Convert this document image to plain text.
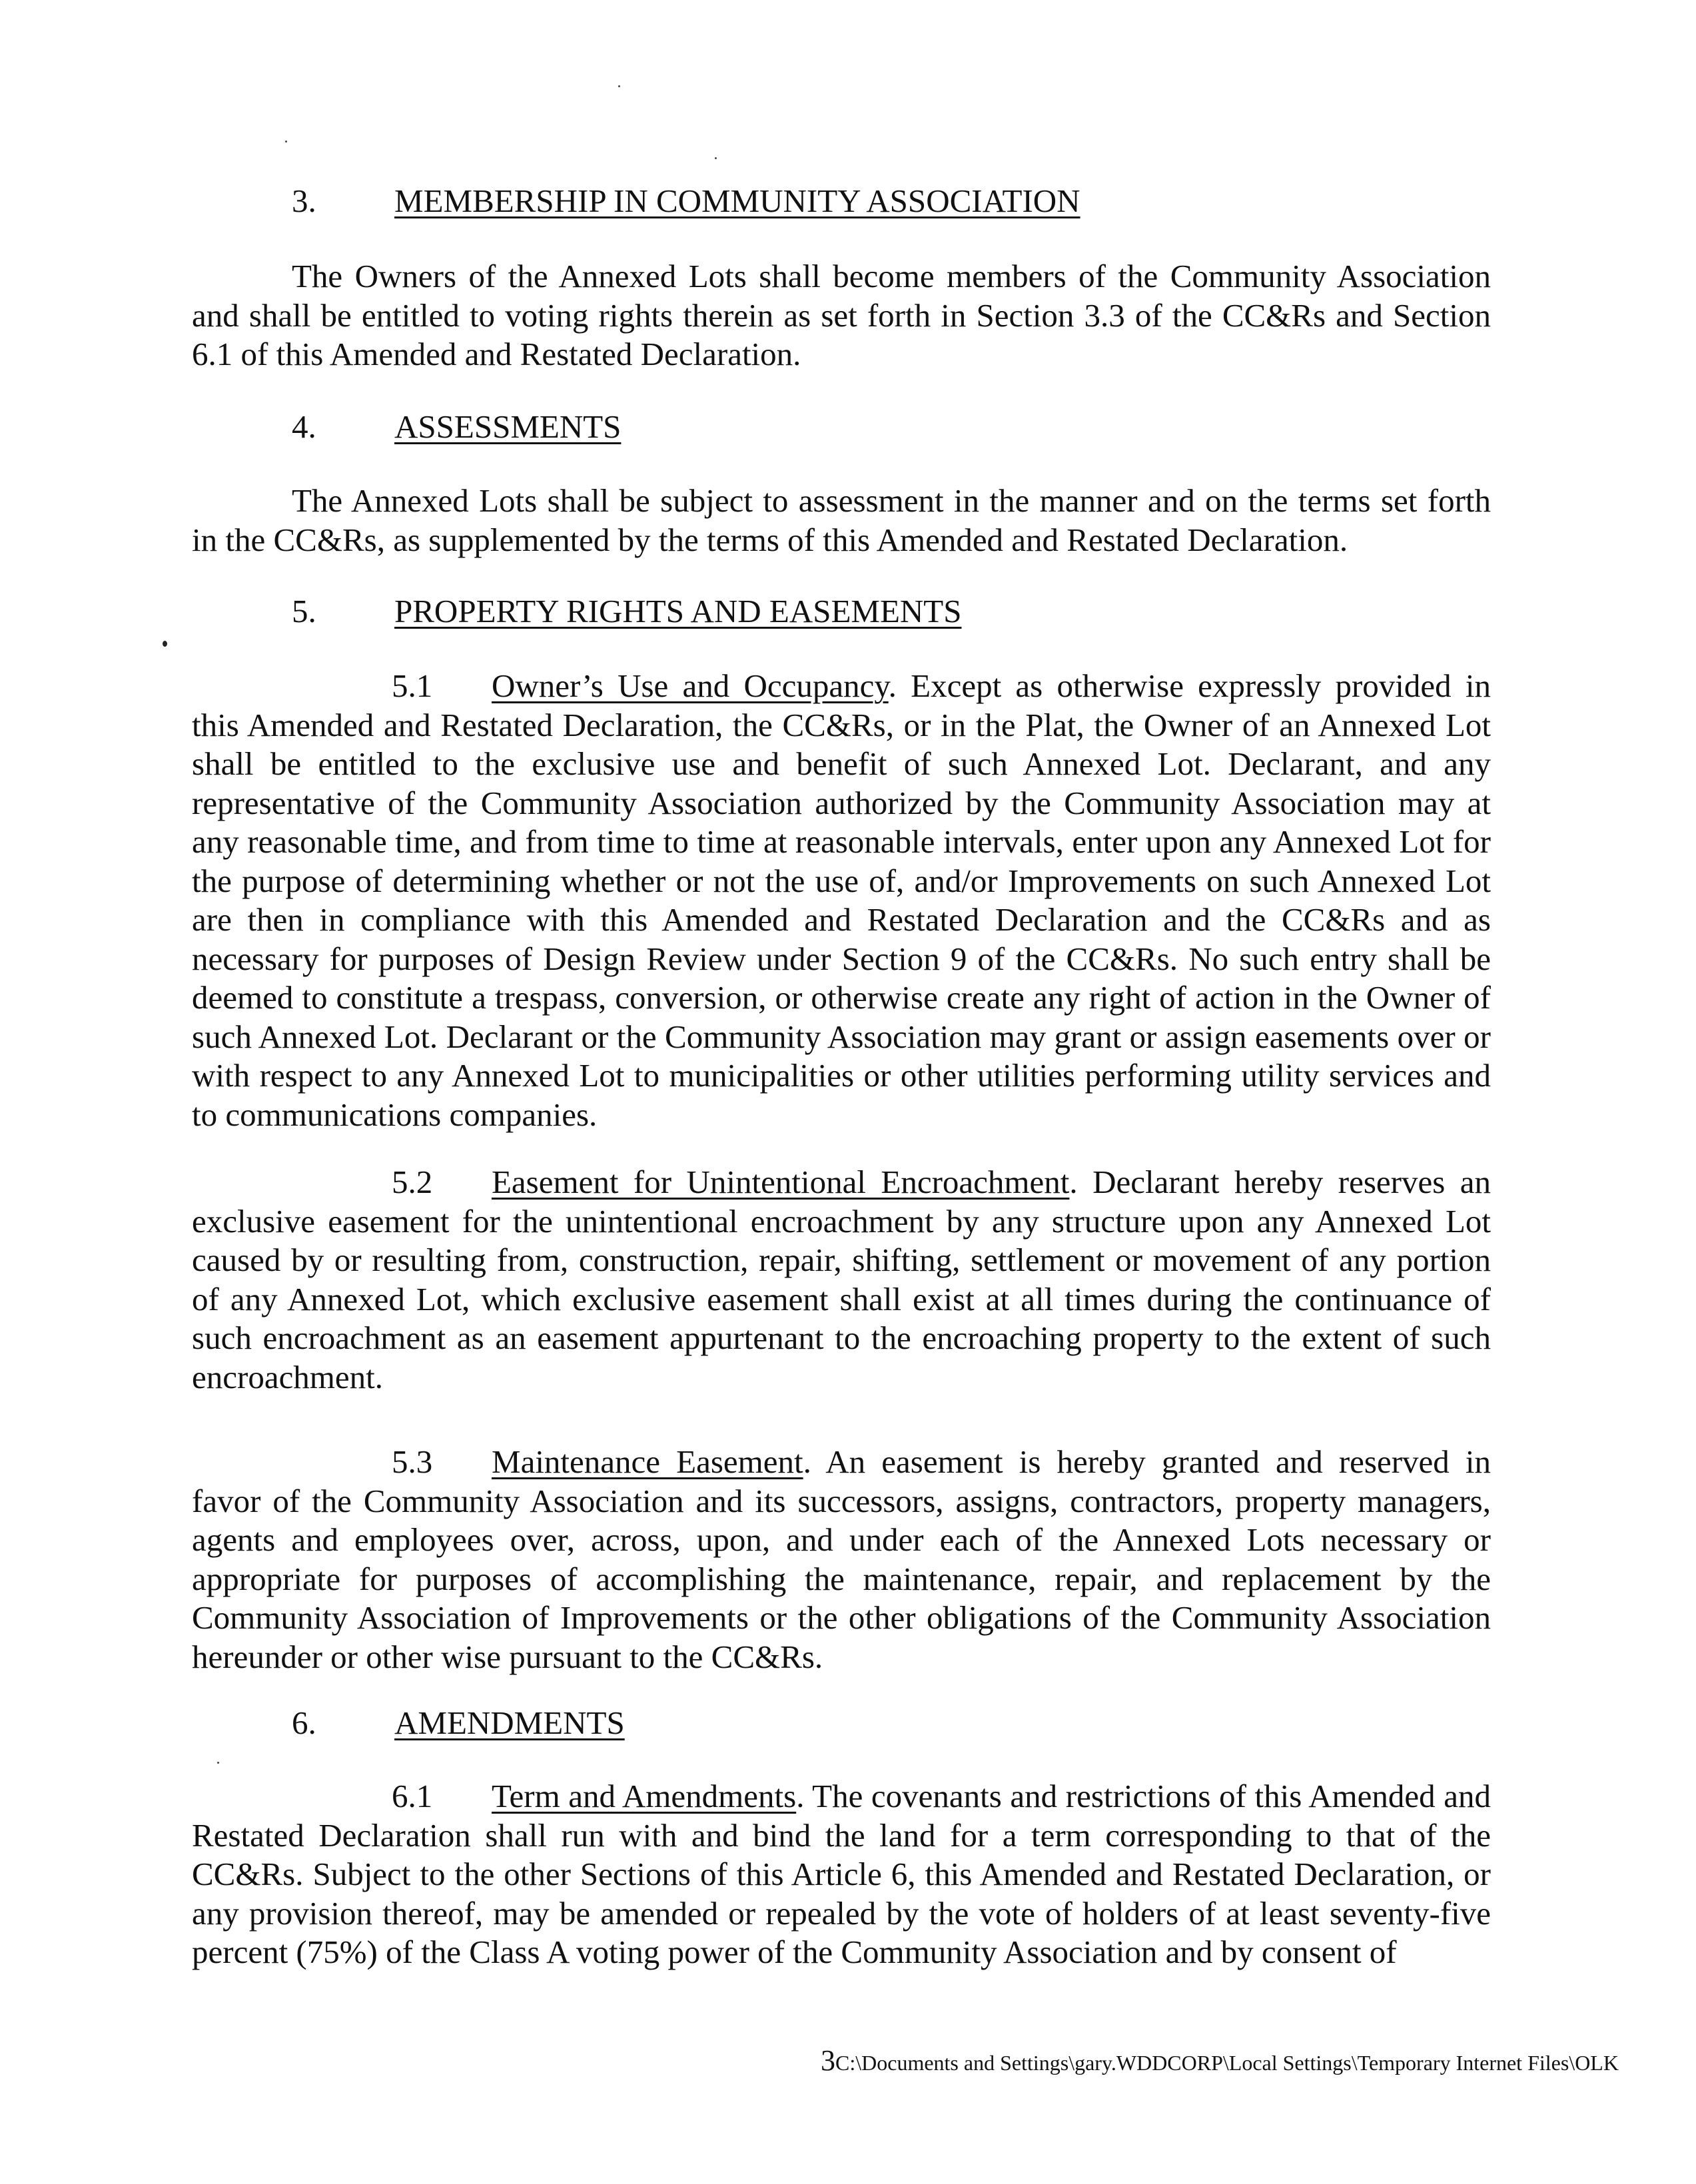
3. MEMBERSHIP IN COMMUNITY ASSOCIATION

The Owners of the Annexed Lots shall become members of the Community Association and shall be entitled to voting rights therein as set forth in Section 3.3 of the CC&Rs and Section 6.1 of this Amended and Restated Declaration.

4. ASSESSMENTS

The Annexed Lots shall be subject to assessment in the manner and on the terms set forth in the CC&Rs, as supplemented by the terms of this Amended and Restated Declaration.

5. PROPERTY RIGHTS AND EASEMENTS

5.1 Owner’s Use and Occupancy. Except as otherwise expressly provided in this Amended and Restated Declaration, the CC&Rs, or in the Plat, the Owner of an Annexed Lot shall be entitled to the exclusive use and benefit of such Annexed Lot. Declarant, and any representative of the Community Association authorized by the Community Association may at any reasonable time, and from time to time at reasonable intervals, enter upon any Annexed Lot for the purpose of determining whether or not the use of, and/or Improvements on such Annexed Lot are then in compliance with this Amended and Restated Declaration and the CC&Rs and as necessary for purposes of Design Review under Section 9 of the CC&Rs. No such entry shall be deemed to constitute a trespass, conversion, or otherwise create any right of action in the Owner of such Annexed Lot. Declarant or the Community Association may grant or assign easements over or with respect to any Annexed Lot to municipalities or other utilities performing utility services and to communications companies.

5.2 Easement for Unintentional Encroachment. Declarant hereby reserves an exclusive easement for the unintentional encroachment by any structure upon any Annexed Lot caused by or resulting from, construction, repair, shifting, settlement or movement of any portion of any Annexed Lot, which exclusive easement shall exist at all times during the continuance of such encroachment as an easement appurtenant to the encroaching property to the extent of such encroachment.

5.3 Maintenance Easement. An easement is hereby granted and reserved in favor of the Community Association and its successors, assigns, contractors, property managers, agents and employees over, across, upon, and under each of the Annexed Lots necessary or appropriate for purposes of accomplishing the maintenance, repair, and replacement by the Community Association of Improvements or the other obligations of the Community Association hereunder or other wise pursuant to the CC&Rs.

6. AMENDMENTS

6.1 Term and Amendments. The covenants and restrictions of this Amended and Restated Declaration shall run with and bind the land for a term corresponding to that of the CC&Rs. Subject to the other Sections of this Article 6, this Amended and Restated Declaration, or any provision thereof, may be amended or repealed by the vote of holders of at least seventy-five percent (75%) of the Class A voting power of the Community Association and by consent of

3C:\Documents and Settings\gary.WDDCORP\Local Settings\Temporary Internet Files\OLK
